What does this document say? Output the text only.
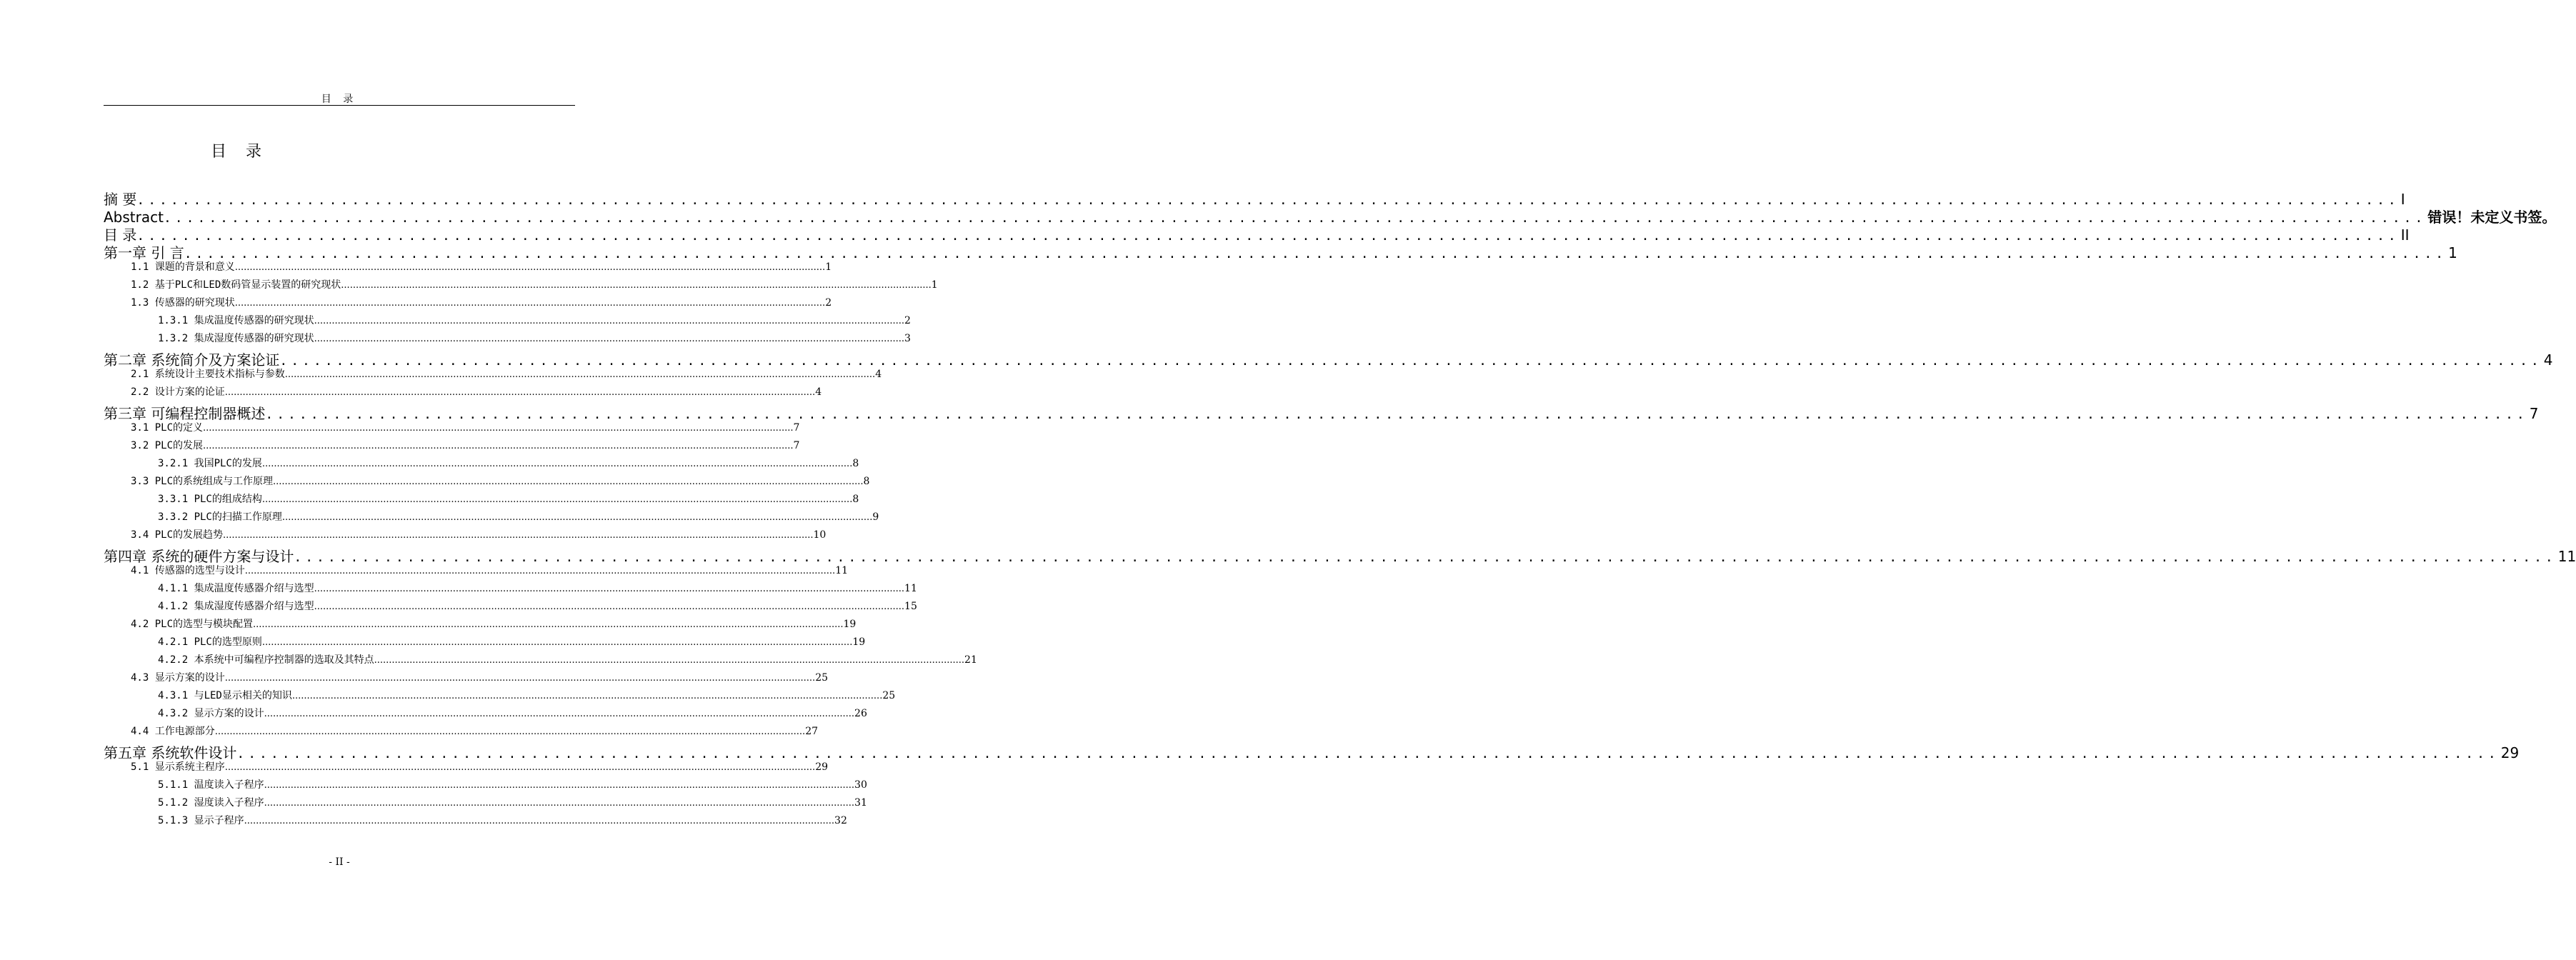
目 录
目 录
摘 要 ........................................................................................................................................................................................................ I
Abstract ........................................................................................................................................................................................................ 错误！未定义书签。
目 录 ........................................................................................................................................................................................................ II
第一章 引 言 ........................................................................................................................................................................................................ 1
1.1 课题的背景和意义 ........................................................................................................................................................................................................ 1
1.2 基于PLC和LED数码管显示装置的研究现状 ........................................................................................................................................................................................................ 1
1.3 传感器的研究现状 ........................................................................................................................................................................................................ 2
1.3.1 集成温度传感器的研究现状 ........................................................................................................................................................................................................ 2
1.3.2 集成湿度传感器的研究现状 ........................................................................................................................................................................................................ 3
第二章 系统简介及方案论证 ........................................................................................................................................................................................................ 4
2.1 系统设计主要技术指标与参数 ........................................................................................................................................................................................................ 4
2.2 设计方案的论证 ........................................................................................................................................................................................................ 4
第三章 可编程控制器概述 ........................................................................................................................................................................................................ 7
3.1 PLC的定义 ........................................................................................................................................................................................................ 7
3.2 PLC的发展 ........................................................................................................................................................................................................ 7
3.2.1 我国PLC的发展 ........................................................................................................................................................................................................ 8
3.3 PLC的系统组成与工作原理 ........................................................................................................................................................................................................ 8
3.3.1 PLC的组成结构 ........................................................................................................................................................................................................ 8
3.3.2 PLC的扫描工作原理 ........................................................................................................................................................................................................ 9
3.4 PLC的发展趋势 ........................................................................................................................................................................................................ 10
第四章 系统的硬件方案与设计 ........................................................................................................................................................................................................ 11
4.1 传感器的选型与设计 ........................................................................................................................................................................................................ 11
4.1.1 集成温度传感器介绍与选型 ........................................................................................................................................................................................................ 11
4.1.2 集成湿度传感器介绍与选型 ........................................................................................................................................................................................................ 15
4.2 PLC的选型与模块配置 ........................................................................................................................................................................................................ 19
4.2.1 PLC的选型原则 ........................................................................................................................................................................................................ 19
4.2.2 本系统中可编程序控制器的选取及其特点 ........................................................................................................................................................................................................ 21
4.3 显示方案的设计 ........................................................................................................................................................................................................ 25
4.3.1 与LED显示相关的知识 ........................................................................................................................................................................................................ 25
4.3.2 显示方案的设计 ........................................................................................................................................................................................................ 26
4.4 工作电源部分 ........................................................................................................................................................................................................ 27
第五章 系统软件设计 ........................................................................................................................................................................................................ 29
5.1 显示系统主程序 ........................................................................................................................................................................................................ 29
5.1.1 温度读入子程序 ........................................................................................................................................................................................................ 30
5.1.2 湿度读入子程序 ........................................................................................................................................................................................................ 31
5.1.3 显示子程序 ........................................................................................................................................................................................................ 32
- II -
